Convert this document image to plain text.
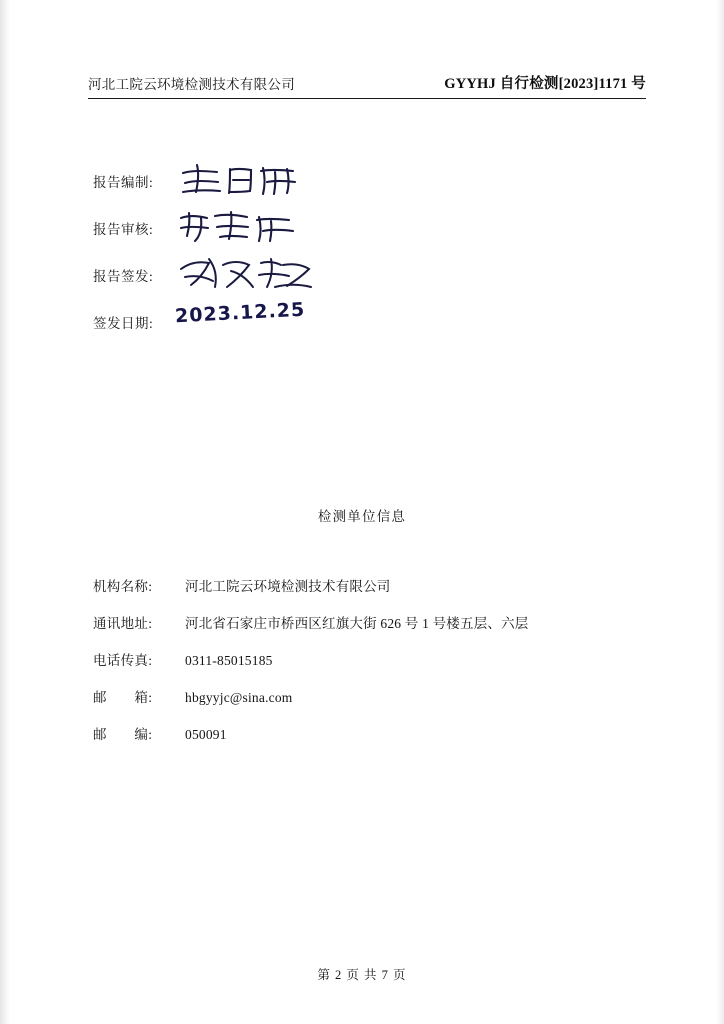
河北工院云环境检测技术有限公司	GYYHJ 自行检测[2023]1171 号
报告编制:
报告审核:
报告签发:
签发日期: 2023.12.25
检测单位信息
机构名称:	河北工院云环境检测技术有限公司
通讯地址:	河北省石家庄市桥西区红旗大街 626 号 1 号楼五层、六层
电话传真:	0311-85015185
邮　　箱:	hbgyyjc@sina.com
邮　　编:	050091
第 2 页 共 7 页
